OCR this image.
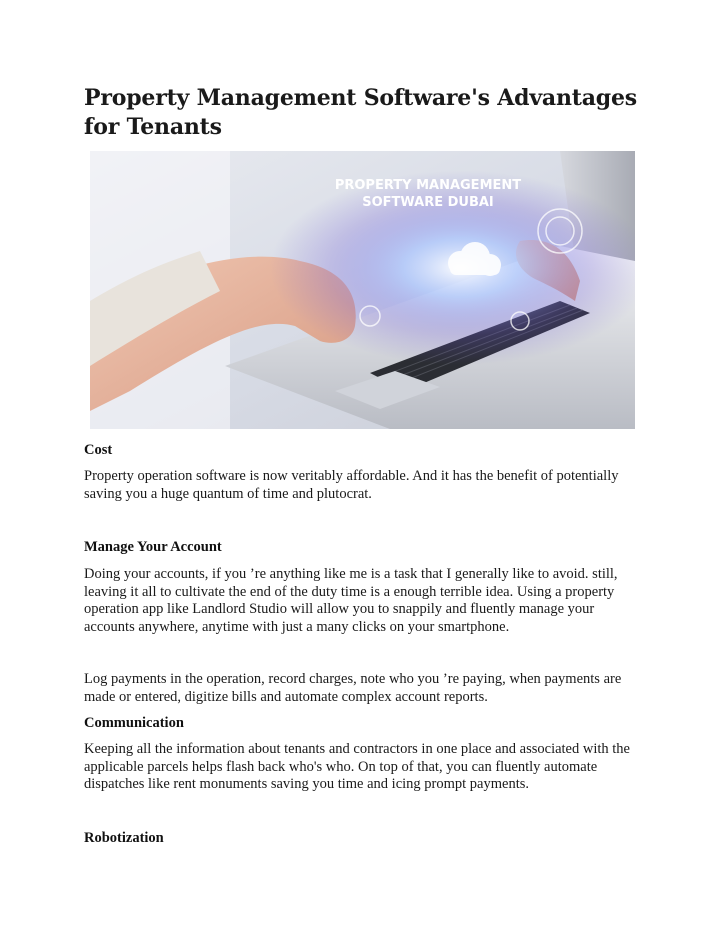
Property Management Software's Advantages for Tenants
PROPERTY MANAGEMENT
SOFTWARE DUBAI
Cost

Property operation software is now veritably affordable. And it has the benefit of potentially saving you a huge quantum of time and plutocrat.

Manage Your Account

Doing your accounts, if you ’re anything like me is a task that I generally like to avoid. still, leaving it all to cultivate the end of the duty time is a enough terrible idea. Using a property operation app like Landlord Studio will allow you to snappily and fluently manage your accounts anywhere, anytime with just a many clicks on your smartphone.

Log payments in the operation, record charges, note who you ’re paying, when payments are made or entered, digitize bills and automate complex account reports.

Communication

Keeping all the information about tenants and contractors in one place and associated with the applicable parcels helps flash back who's who. On top of that, you can fluently automate dispatches like rent monuments saving you time and icing prompt payments.

Robotization
